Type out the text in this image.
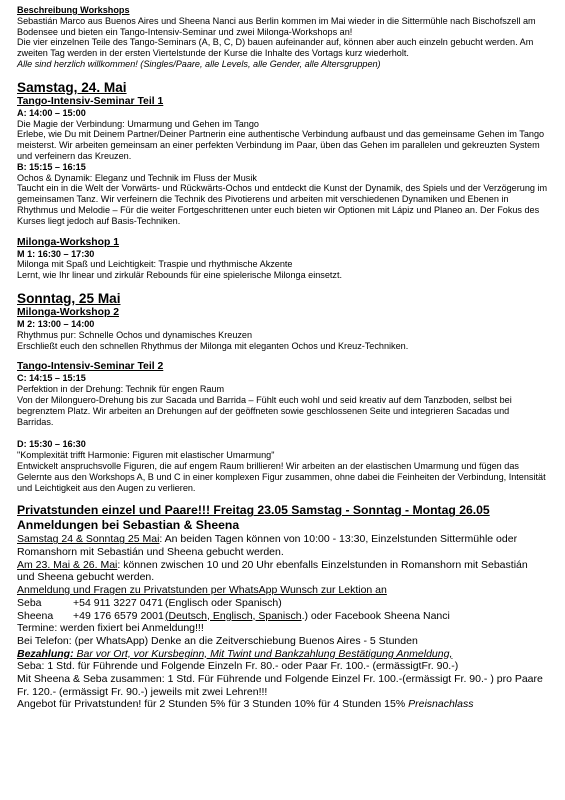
Beschreibung Workshops

Sebastián Marco aus Buenos Aires und Sheena Nanci aus Berlin kommen im Mai wieder in die Sittermühle nach Bischofszell am Bodensee und bieten ein Tango-Intensiv-Seminar und zwei Milonga-Workshops an!

Die vier einzelnen Teile des Tango-Seminars (A, B, C, D) bauen aufeinander auf, können aber auch einzeln gebucht werden. Am zweiten Tag werden in der ersten Viertelstunde der Kurse die Inhalte des Vortags kurz wiederholt.

Alle sind herzlich willkommen! (Singles/Paare, alle Levels, alle Gender, alle Altersgruppen)

Samstag, 24. Mai
Tango-Intensiv-Seminar Teil 1
A: 14:00 – 15:00

Die Magie der Verbindung: Umarmung und Gehen im Tango

Erlebe, wie Du mit Deinem Partner/Deiner Partnerin eine authentische Verbindung aufbaust und das gemeinsame Gehen im Tango meisterst. Wir arbeiten gemeinsam an einer perfekten Verbindung im Paar, üben das Gehen im parallelen und gekreuzten System und verfeinern das Kreuzen.

B: 15:15 – 16:15

Ochos & Dynamik: Eleganz und Technik im Fluss der Musik

Taucht ein in die Welt der Vorwärts- und Rückwärts-Ochos und entdeckt die Kunst der Dynamik, des Spiels und der Verzögerung im gemeinsamen Tanz. Wir verfeinern die Technik des Pivotierens und arbeiten mit verschiedenen Dynamiken und Ebenen in Rhythmus und Melodie – Für die weiter Fortgeschrittenen unter euch bieten wir Optionen mit Lápiz und Planeo an. Der Fokus des Kurses liegt jedoch auf Basis-Techniken.

Milonga-Workshop 1
M 1: 16:30 – 17:30

Milonga mit Spaß und Leichtigkeit: Traspie und rhythmische Akzente

Lernt, wie Ihr linear und zirkulär Rebounds für eine spielerische Milonga einsetzt.

Sonntag, 25 Mai
Milonga-Workshop 2
M 2: 13:00 – 14:00

Rhythmus pur: Schnelle Ochos und dynamisches Kreuzen

Erschließt euch den schnellen Rhythmus der Milonga mit eleganten Ochos und Kreuz-Techniken.

Tango-Intensiv-Seminar Teil 2
C: 14:15 – 15:15

Perfektion in der Drehung: Technik für engen Raum

Von der Milonguero-Drehung bis zur Sacada und Barrida – Fühlt euch wohl und seid kreativ auf dem Tanzboden, selbst bei begrenztem Platz. Wir arbeiten an Drehungen auf der geöffneten sowie geschlossenen Seite und integrieren Sacadas und Barridas.

D: 15:30 – 16:30

"Komplexität trifft Harmonie: Figuren mit elastischer Umarmung"

Entwickelt anspruchsvolle Figuren, die auf engem Raum brillieren! Wir arbeiten an der elastischen Umarmung und fügen das Gelernte aus den Workshops A, B und C in einer komplexen Figur zusammen, ohne dabei die Feinheiten der Verbindung, Intensität und Leichtigkeit aus den Augen zu verlieren.

Privatstunden einzel und Paare!!! Freitag 23.05 Samstag - Sonntag - Montag 26.05
Anmeldungen bei Sebastian & Sheena

Samstag 24 & Sonntag 25 Mai: An beiden Tagen können von 10:00 - 13:30, Einzelstunden Sittermühle oder Romanshorn mit Sebastián und Sheena gebucht werden.

Am 23. Mai & 26. Mai: können zwischen 10 und 20 Uhr ebenfalls Einzelstunden in Romanshorn mit Sebastián und Sheena gebucht werden.

Anmeldung und Fragen zu Privatstunden per WhatsApp Wunsch zur Lektion an
Seba	+54 911 3227 0471 (Englisch oder Spanisch)
Sheena	+49 176 6579 2001 (Deutsch, Englisch, Spanisch .) oder Facebook Sheena Nanci
Termine: werden fixiert bei Anmeldung!!!
Bei Telefon: (per WhatsApp) Denke an die Zeitverschiebung Buenos Aires - 5 Stunden
Bezahlung: Bar vor Ort, vor Kursbeginn, Mit Twint und Bankzahlung Bestätigung Anmeldung,

Seba: 1 Std. für Führende und Folgende Einzeln Fr. 80.- oder Paar Fr. 100.- (ermässigtFr. 90.-)

Mit Sheena & Seba zusammen: 1 Std. Für Führende und Folgende Einzel Fr. 100.-(ermässigt Fr. 90.- ) pro Paare Fr. 120.- (ermässigt Fr. 90.-) jeweils mit zwei Lehren!!!

Angebot für Privatstunden! für 2 Stunden 5% für 3 Stunden 10% für 4 Stunden 15% Preisnachlass
